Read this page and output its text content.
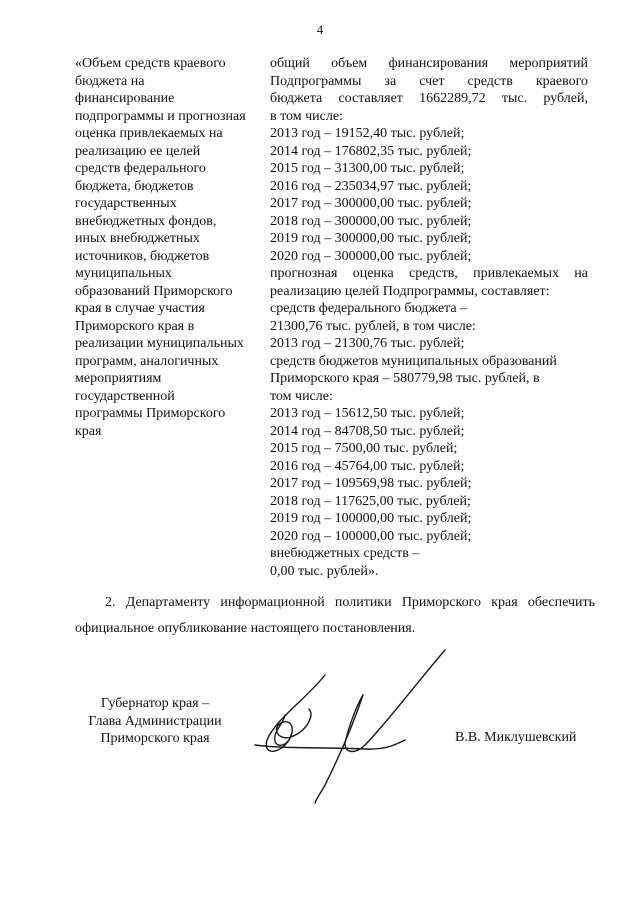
4
«Объем средств краевого
бюджета на
финансирование
подпрограммы и прогнозная
оценка привлекаемых на
реализацию ее целей
средств федерального
бюджета, бюджетов
государственных
внебюджетных фондов,
иных внебюджетных
источников, бюджетов
муниципальных
образований Приморского
края в случае участия
Приморского края в
реализации муниципальных
программ, аналогичных
мероприятиям
государственной
программы Приморского
края
общий объем финансирования мероприятий
Подпрограммы за счет средств краевого
бюджета составляет 1662289,72 тыс. рублей,
в том числе:
2013 год – 19152,40 тыс. рублей;
2014 год – 176802,35 тыс. рублей;
2015 год – 31300,00 тыс. рублей;
2016 год – 235034,97 тыс. рублей;
2017 год – 300000,00 тыс. рублей;
2018 год – 300000,00 тыс. рублей;
2019 год – 300000,00 тыс. рублей;
2020 год – 300000,00 тыс. рублей;
прогнозная оценка средств, привлекаемых на
реализацию целей Подпрограммы, составляет:
средств федерального бюджета –
21300,76 тыс. рублей, в том числе:
2013 год – 21300,76 тыс. рублей;
средств бюджетов муниципальных образований
Приморского края – 580779,98 тыс. рублей, в
том числе:
2013 год – 15612,50 тыс. рублей;
2014 год – 84708,50 тыс. рублей;
2015 год – 7500,00 тыс. рублей;
2016 год – 45764,00 тыс. рублей;
2017 год – 109569,98 тыс. рублей;
2018 год – 117625,00 тыс. рублей;
2019 год – 100000,00 тыс. рублей;
2020 год – 100000,00 тыс. рублей;
внебюджетных средств –
0,00 тыс. рублей».
2. Департаменту информационной политики Приморского края обеспечить
официальное опубликование настоящего постановления.
Губернатор края –
Глава Администрации
Приморского края	В.В. Миклушевский
